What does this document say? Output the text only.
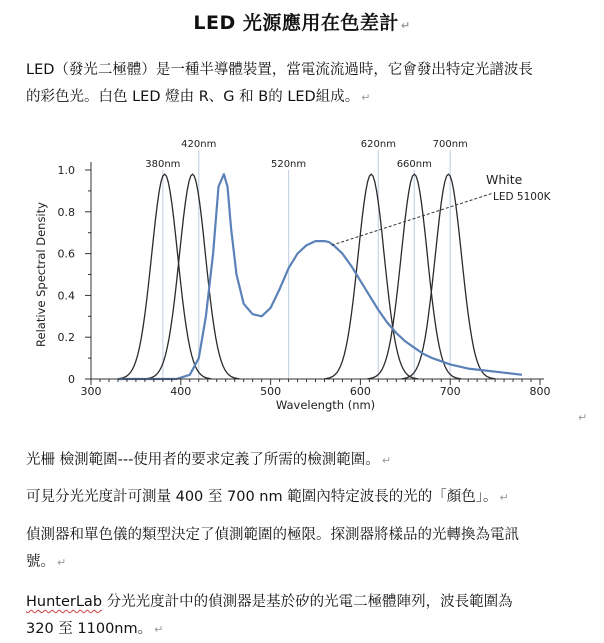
LED 光源應用在色差計 ↵
LED（發光二極體）是一種半導體裝置，當電流流過時，它會發出特定光譜波長
的彩色光。白色 LED 燈由 R、G 和 B的 LED組成。 ↵
300	400	500	600	700	800
0
0.2
0.4
0.6
0.8
1.0
Wavelength (nm)
Relative Spectral Density
380nm
420nm
520nm
620nm
660nm
700nm
White
LED 5100K
↵
光柵 檢測範圍---使用者的要求定義了所需的檢測範圍。 ↵
可見分光光度計可測量 400 至 700 nm 範圍內特定波長的光的「顏色」。 ↵
偵測器和單色儀的類型決定了偵測範圍的極限。探測器將樣品的光轉換為電訊
號。 ↵
HunterLab 分光光度計中的偵測器是基於矽的光電二極體陣列，波長範圍為
320 至 1100nm。 ↵
